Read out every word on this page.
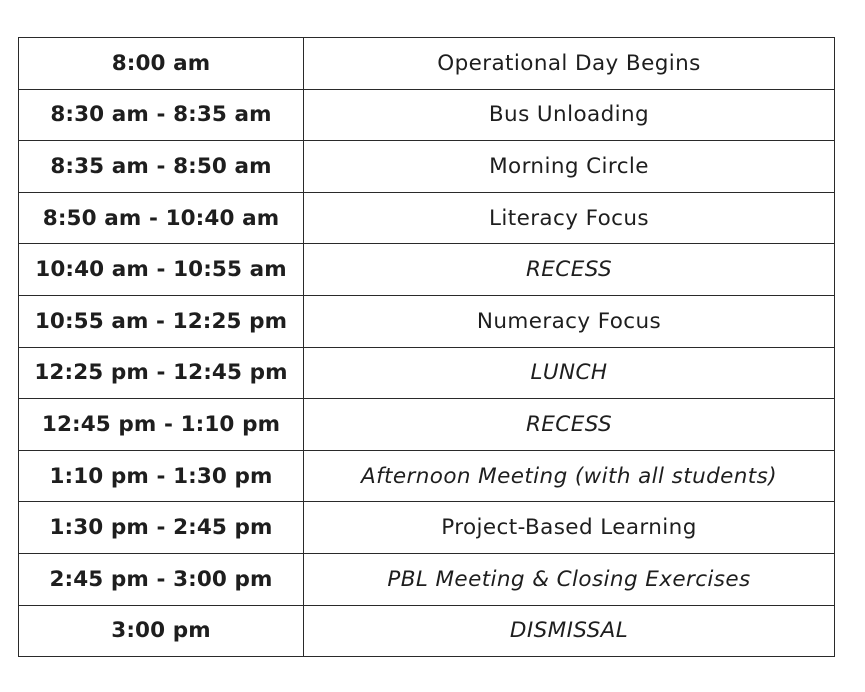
8:00 am	Operational Day Begins
8:30 am - 8:35 am	Bus Unloading
8:35 am - 8:50 am	Morning Circle
8:50 am - 10:40 am	Literacy Focus
10:40 am - 10:55 am	RECESS
10:55 am - 12:25 pm	Numeracy Focus
12:25 pm - 12:45 pm	LUNCH
12:45 pm - 1:10 pm	RECESS
1:10 pm - 1:30 pm	Afternoon Meeting (with all students)
1:30 pm - 2:45 pm	Project-Based Learning
2:45 pm - 3:00 pm	PBL Meeting & Closing Exercises
3:00 pm	DISMISSAL
